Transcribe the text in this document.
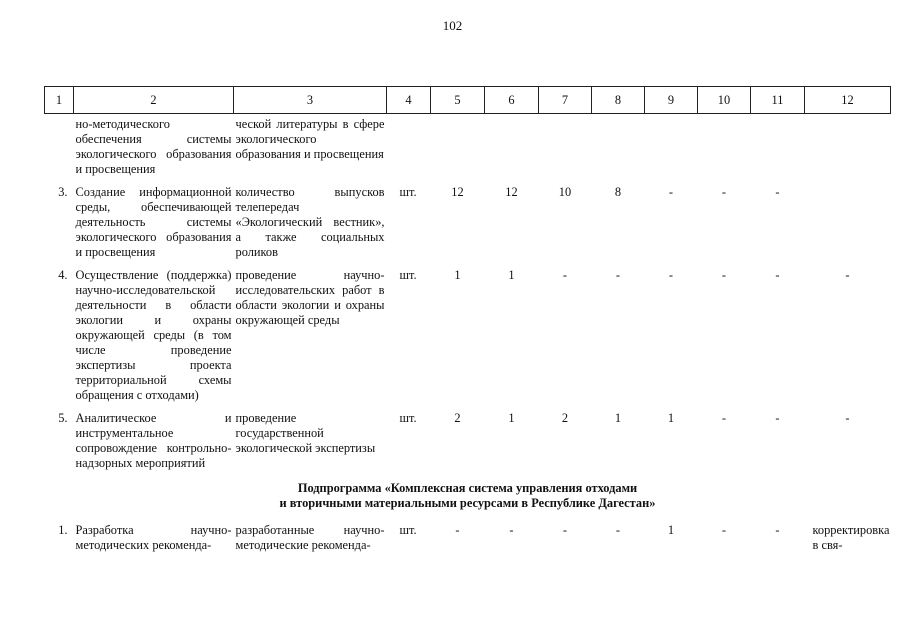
102
1	2	3	4	5	6	7	8	9	10	11	12
	но-методического обеспечения системы экологического образования и просвещения	ческой литературы в сфере экологического образования и просвещения									

3.	Создание информационной среды, обеспечивающей деятельность системы экологического образования и просвещения	количество выпусков телепередач «Экологический вестник», а также социальных роликов	шт.	12	12	10	8	-	-	-	

4.	Осуществление (поддержка) научно-исследовательской деятельности в области экологии и охраны окружающей среды (в том числе проведение экспертизы проекта территориальной схемы обращения с отходами)	проведение научно-исследовательских работ в области экологии и охраны окружающей среды	шт.	1	1	-	-	-	-	-	-

5.	Аналитическое и инструментальное сопровождение контрольно-надзорных мероприятий	проведение государственной экологической экспертизы	шт.	2	1	2	1	1	-	-	-

Подпрограмма «Комплексная система управления отходами
и вторичными материальными ресурсами в Республике Дагестан»											

1.	Разработка научно-методических рекоменда-	разработанные научно-методические рекоменда-	шт.	-	-	-	-	1	-	-	корректировка в свя-
